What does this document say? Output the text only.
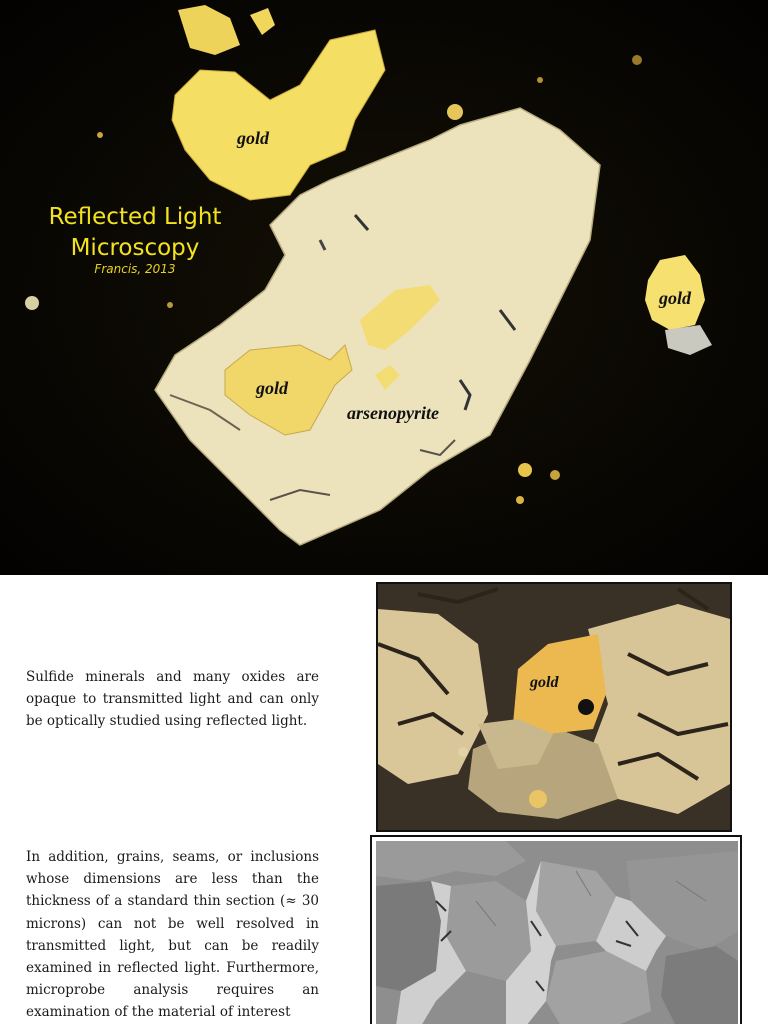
Reflected Light
Microscopy
Francis, 2013
gold
gold
gold
arsenopyrite

Sulfide minerals and many oxides are opaque to transmitted light and can only be optically studied using reflected light.

gold

In addition, grains, seams, or inclusions whose dimensions are less than the thickness of a standard thin section (≈ 30 microns) can not be well resolved in transmitted light, but can be readily examined in reflected light. Furthermore, microprobe analysis requires an examination of the material of interest
